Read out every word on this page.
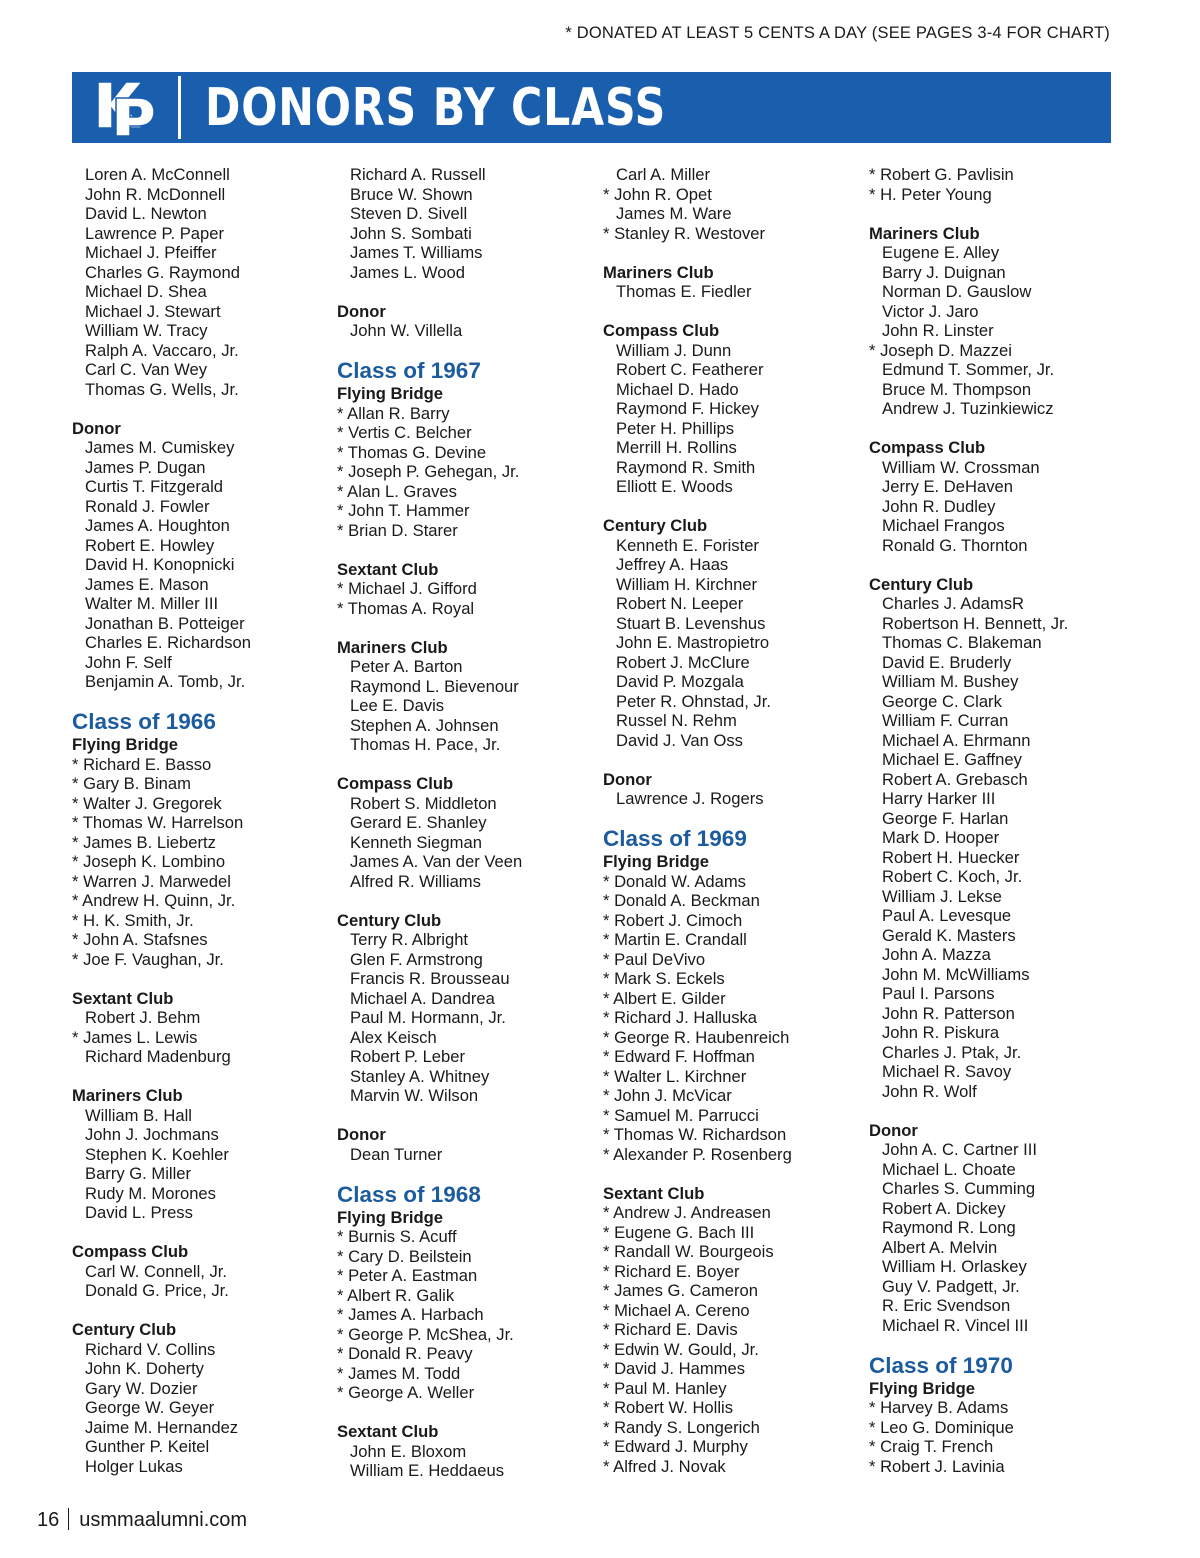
* DONATED AT LEAST 5 CENTS A DAY (SEE PAGES 3-4 FOR CHART)
DONORS BY CLASS
Loren A. McConnell
John R. McDonnell
David L. Newton
Lawrence P. Paper
Michael J. Pfeiffer
Charles G. Raymond
Michael D. Shea
Michael J. Stewart
William W. Tracy
Ralph A. Vaccaro, Jr.
Carl C. Van Wey
Thomas G. Wells, Jr.
Donor
James M. Cumiskey
James P. Dugan
Curtis T. Fitzgerald
Ronald J. Fowler
James A. Houghton
Robert E. Howley
David H. Konopnicki
James E. Mason
Walter M. Miller III
Jonathan B. Potteiger
Charles E. Richardson
John F. Self
Benjamin A. Tomb, Jr.
Class of 1966
Flying Bridge
* Richard E. Basso
* Gary B. Binam
* Walter J. Gregorek
* Thomas W. Harrelson
* James B. Liebertz
* Joseph K. Lombino
* Warren J. Marwedel
* Andrew H. Quinn, Jr.
* H. K. Smith, Jr.
* John A. Stafsnes
* Joe F. Vaughan, Jr.
Sextant Club
Robert J. Behm
* James L. Lewis
Richard Madenburg
Mariners Club
William B. Hall
John J. Jochmans
Stephen K. Koehler
Barry G. Miller
Rudy M. Morones
David L. Press
Compass Club
Carl W. Connell, Jr.
Donald G. Price, Jr.
Century Club
Richard V. Collins
John K. Doherty
Gary W. Dozier
George W. Geyer
Jaime M. Hernandez
Gunther P. Keitel
Holger Lukas
Richard A. Russell
Bruce W. Shown
Steven D. Sivell
John S. Sombati
James T. Williams
James L. Wood
Donor
John W. Villella
Class of 1967
Flying Bridge
* Allan R. Barry
* Vertis C. Belcher
* Thomas G. Devine
* Joseph P. Gehegan, Jr.
* Alan L. Graves
* John T. Hammer
* Brian D. Starer
Sextant Club
* Michael J. Gifford
* Thomas A. Royal
Mariners Club
Peter A. Barton
Raymond L. Bievenour
Lee E. Davis
Stephen A. Johnsen
Thomas H. Pace, Jr.
Compass Club
Robert S. Middleton
Gerard E. Shanley
Kenneth Siegman
James A. Van der Veen
Alfred R. Williams
Century Club
Terry R. Albright
Glen F. Armstrong
Francis R. Brousseau
Michael A. Dandrea
Paul M. Hormann, Jr.
Alex Keisch
Robert P. Leber
Stanley A. Whitney
Marvin W. Wilson
Donor
Dean Turner
Class of 1968
Flying Bridge
* Burnis S. Acuff
* Cary D. Beilstein
* Peter A. Eastman
* Albert R. Galik
* James A. Harbach
* George P. McShea, Jr.
* Donald R. Peavy
* James M. Todd
* George A. Weller
Sextant Club
John E. Bloxom
William E. Heddaeus
Carl A. Miller
* John R. Opet
James M. Ware
* Stanley R. Westover
Mariners Club
Thomas E. Fiedler
Compass Club
William J. Dunn
Robert C. Featherer
Michael D. Hado
Raymond F. Hickey
Peter H. Phillips
Merrill H. Rollins
Raymond R. Smith
Elliott E. Woods
Century Club
Kenneth E. Forister
Jeffrey A. Haas
William H. Kirchner
Robert N. Leeper
Stuart B. Levenshus
John E. Mastropietro
Robert J. McClure
David P. Mozgala
Peter R. Ohnstad, Jr.
Russel N. Rehm
David J. Van Oss
Donor
Lawrence J. Rogers
Class of 1969
Flying Bridge
* Donald W. Adams
* Donald A. Beckman
* Robert J. Cimoch
* Martin E. Crandall
* Paul DeVivo
* Mark S. Eckels
* Albert E. Gilder
* Richard J. Halluska
* George R. Haubenreich
* Edward F. Hoffman
* Walter L. Kirchner
* John J. McVicar
* Samuel M. Parrucci
* Thomas W. Richardson
* Alexander P. Rosenberg
Sextant Club
* Andrew J. Andreasen
* Eugene G. Bach III
* Randall W. Bourgeois
* Richard E. Boyer
* James G. Cameron
* Michael A. Cereno
* Richard E. Davis
* Edwin W. Gould, Jr.
* David J. Hammes
* Paul M. Hanley
* Robert W. Hollis
* Randy S. Longerich
* Edward J. Murphy
* Alfred J. Novak
* Robert G. Pavlisin
* H. Peter Young
Mariners Club
Eugene E. Alley
Barry J. Duignan
Norman D. Gauslow
Victor J. Jaro
John R. Linster
* Joseph D. Mazzei
Edmund T. Sommer, Jr.
Bruce M. Thompson
Andrew J. Tuzinkiewicz
Compass Club
William W. Crossman
Jerry E. DeHaven
John R. Dudley
Michael Frangos
Ronald G. Thornton
Century Club
Charles J. AdamsR
Robertson H. Bennett, Jr.
Thomas C. Blakeman
David E. Bruderly
William M. Bushey
George C. Clark
William F. Curran
Michael A. Ehrmann
Michael E. Gaffney
Robert A. Grebasch
Harry Harker III
George F. Harlan
Mark D. Hooper
Robert H. Huecker
Robert C. Koch, Jr.
William J. Lekse
Paul A. Levesque
Gerald K. Masters
John A. Mazza
John M. McWilliams
Paul I. Parsons
John R. Patterson
John R. Piskura
Charles J. Ptak, Jr.
Michael R. Savoy
John R. Wolf
Donor
John A. C. Cartner III
Michael L. Choate
Charles S. Cumming
Robert A. Dickey
Raymond R. Long
Albert A. Melvin
William H. Orlaskey
Guy V. Padgett, Jr.
R. Eric Svendson
Michael R. Vincel III
Class of 1970
Flying Bridge
* Harvey B. Adams
* Leo G. Dominique
* Craig T. French
* Robert J. Lavinia
16 usmmaalumni.com
